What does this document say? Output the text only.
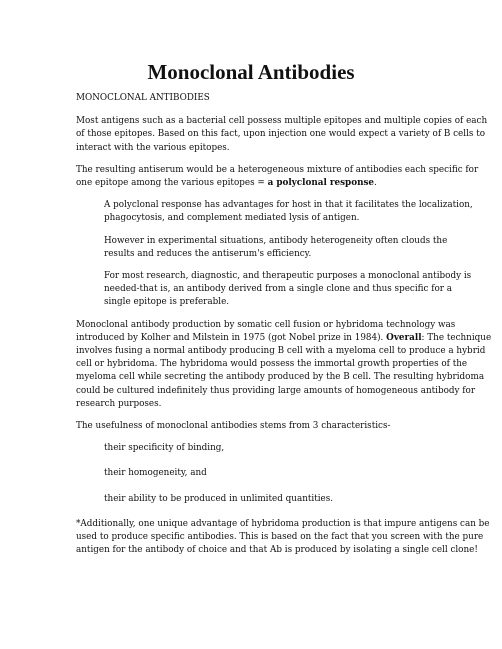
Monoclonal Antibodies

MONOCLONAL ANTIBODIES

Most antigens such as a bacterial cell possess multiple epitopes and multiple copies of each of those epitopes. Based on this fact, upon injection one would expect a variety of B cells to interact with the various epitopes.

The resulting antiserum would be a heterogeneous mixture of antibodies each specific for one epitope among the various epitopes = a polyclonal response.

A polyclonal response has advantages for host in that it facilitates the localization, phagocytosis, and complement mediated lysis of antigen.

However in experimental situations, antibody heterogeneity often clouds the results and reduces the antiserum's efficiency.

For most research, diagnostic, and therapeutic purposes a monoclonal antibody is needed-that is, an antibody derived from a single clone and thus specific for a single epitope is preferable.

Monoclonal antibody production by somatic cell fusion or hybridoma technology was introduced by Kolher and Milstein in 1975 (got Nobel prize in 1984). Overall: The technique involves fusing a normal antibody producing B cell with a myeloma cell to produce a hybrid cell or hybridoma. The hybridoma would possess the immortal growth properties of the myeloma cell while secreting the antibody produced by the B cell. The resulting hybridoma could be cultured indefinitely thus providing large amounts of homogeneous antibody for research purposes.

The usefulness of monoclonal antibodies stems from 3 characteristics-

their specificity of binding,

their homogeneity, and

their ability to be produced in unlimited quantities.

*Additionally, one unique advantage of hybridoma production is that impure antigens can be used to produce specific antibodies. This is based on the fact that you screen with the pure antigen for the antibody of choice and that Ab is produced by isolating a single cell clone!
